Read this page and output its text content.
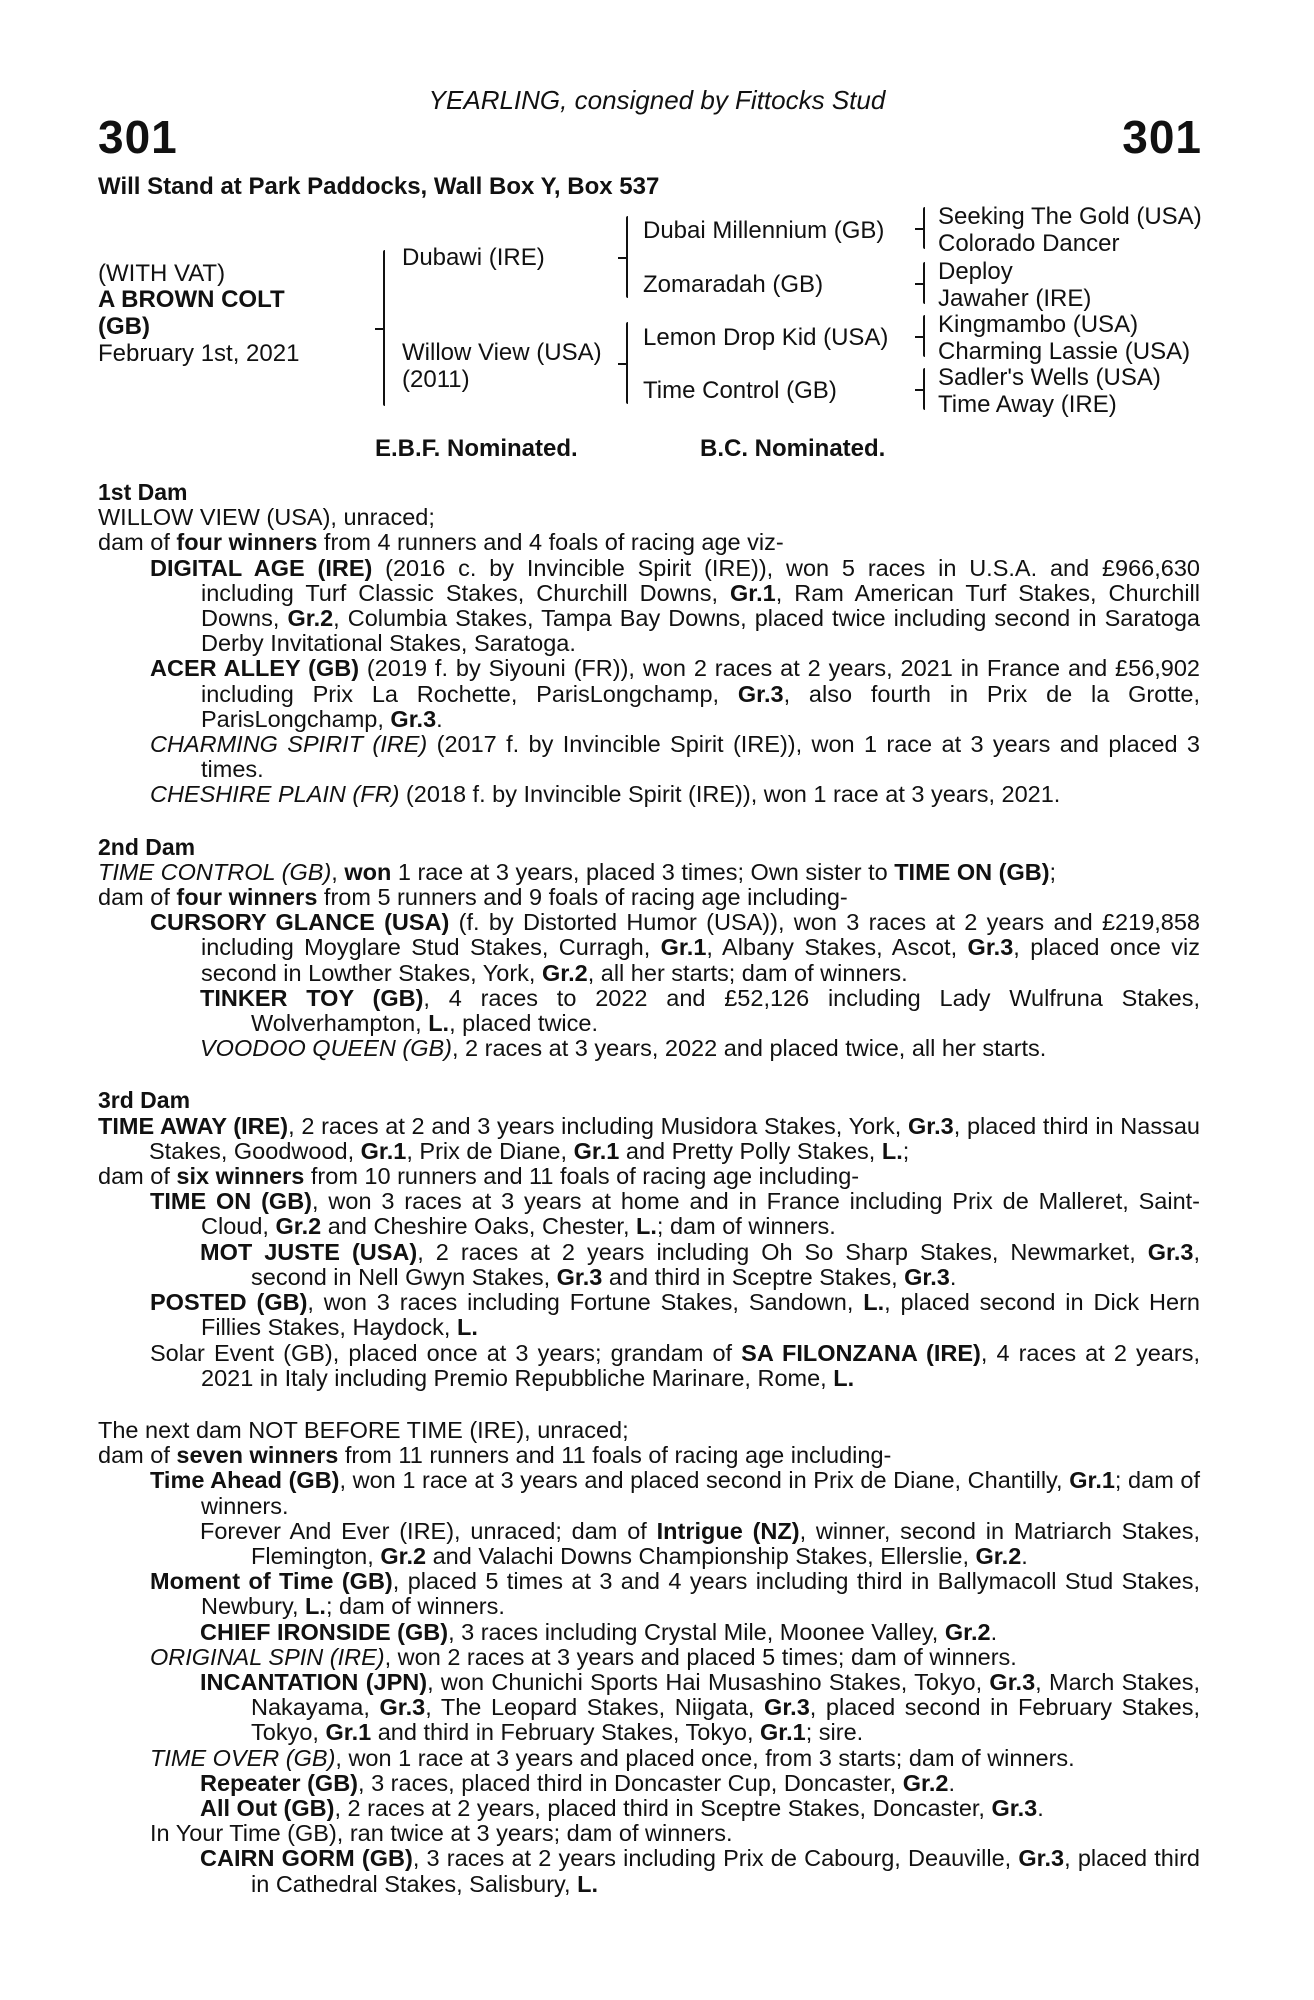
YEARLING, consigned by Fittocks Stud
301	301
Will Stand at Park Paddocks, Wall Box Y, Box 537
(WITH VAT)
A BROWN COLT
(GB)
February 1st, 2021
Dubawi (IRE)
Willow View (USA)
(2011)
Dubai Millennium (GB)
Zomaradah (GB)
Lemon Drop Kid (USA)
Time Control (GB)
Seeking The Gold (USA)
Colorado Dancer
Deploy
Jawaher (IRE)
Kingmambo (USA)
Charming Lassie (USA)
Sadler's Wells (USA)
Time Away (IRE)
E.B.F. Nominated.	B.C. Nominated.

1st Dam

WILLOW VIEW (USA), unraced;

dam of four winners from 4 runners and 4 foals of racing age viz-

DIGITAL AGE (IRE) (2016 c. by Invincible Spirit (IRE)), won 5 races in U.S.A. and £966,630 including Turf Classic Stakes, Churchill Downs, Gr.1, Ram American Turf Stakes, Churchill Downs, Gr.2, Columbia Stakes, Tampa Bay Downs, placed twice including second in Saratoga Derby Invitational Stakes, Saratoga.

ACER ALLEY (GB) (2019 f. by Siyouni (FR)), won 2 races at 2 years, 2021 in France and £56,902 including Prix La Rochette, ParisLongchamp, Gr.3, also fourth in Prix de la Grotte, ParisLongchamp, Gr.3.

CHARMING SPIRIT (IRE) (2017 f. by Invincible Spirit (IRE)), won 1 race at 3 years and placed 3 times.

CHESHIRE PLAIN (FR) (2018 f. by Invincible Spirit (IRE)), won 1 race at 3 years, 2021.

2nd Dam

TIME CONTROL (GB), won 1 race at 3 years, placed 3 times; Own sister to TIME ON (GB);

dam of four winners from 5 runners and 9 foals of racing age including-

CURSORY GLANCE (USA) (f. by Distorted Humor (USA)), won 3 races at 2 years and £219,858 including Moyglare Stud Stakes, Curragh, Gr.1, Albany Stakes, Ascot, Gr.3, placed once viz second in Lowther Stakes, York, Gr.2, all her starts; dam of winners.

TINKER TOY (GB), 4 races to 2022 and £52,126 including Lady Wulfruna Stakes, Wolverhampton, L., placed twice.

VOODOO QUEEN (GB), 2 races at 3 years, 2022 and placed twice, all her starts.

3rd Dam

TIME AWAY (IRE), 2 races at 2 and 3 years including Musidora Stakes, York, Gr.3, placed third in Nassau Stakes, Goodwood, Gr.1, Prix de Diane, Gr.1 and Pretty Polly Stakes, L.;

dam of six winners from 10 runners and 11 foals of racing age including-

TIME ON (GB), won 3 races at 3 years at home and in France including Prix de Malleret, Saint-Cloud, Gr.2 and Cheshire Oaks, Chester, L.; dam of winners.

MOT JUSTE (USA), 2 races at 2 years including Oh So Sharp Stakes, Newmarket, Gr.3, second in Nell Gwyn Stakes, Gr.3 and third in Sceptre Stakes, Gr.3.

POSTED (GB), won 3 races including Fortune Stakes, Sandown, L., placed second in Dick Hern Fillies Stakes, Haydock, L.

Solar Event (GB), placed once at 3 years; grandam of SA FILONZANA (IRE), 4 races at 2 years, 2021 in Italy including Premio Repubbliche Marinare, Rome, L.

The next dam NOT BEFORE TIME (IRE), unraced;

dam of seven winners from 11 runners and 11 foals of racing age including-

Time Ahead (GB), won 1 race at 3 years and placed second in Prix de Diane, Chantilly, Gr.1; dam of winners.

Forever And Ever (IRE), unraced; dam of Intrigue (NZ), winner, second in Matriarch Stakes, Flemington, Gr.2 and Valachi Downs Championship Stakes, Ellerslie, Gr.2.

Moment of Time (GB), placed 5 times at 3 and 4 years including third in Ballymacoll Stud Stakes, Newbury, L.; dam of winners.

CHIEF IRONSIDE (GB), 3 races including Crystal Mile, Moonee Valley, Gr.2.

ORIGINAL SPIN (IRE), won 2 races at 3 years and placed 5 times; dam of winners.

INCANTATION (JPN), won Chunichi Sports Hai Musashino Stakes, Tokyo, Gr.3, March Stakes, Nakayama, Gr.3, The Leopard Stakes, Niigata, Gr.3, placed second in February Stakes, Tokyo, Gr.1 and third in February Stakes, Tokyo, Gr.1; sire.

TIME OVER (GB), won 1 race at 3 years and placed once, from 3 starts; dam of winners.

Repeater (GB), 3 races, placed third in Doncaster Cup, Doncaster, Gr.2.

All Out (GB), 2 races at 2 years, placed third in Sceptre Stakes, Doncaster, Gr.3.

In Your Time (GB), ran twice at 3 years; dam of winners.

CAIRN GORM (GB), 3 races at 2 years including Prix de Cabourg, Deauville, Gr.3, placed third in Cathedral Stakes, Salisbury, L.
